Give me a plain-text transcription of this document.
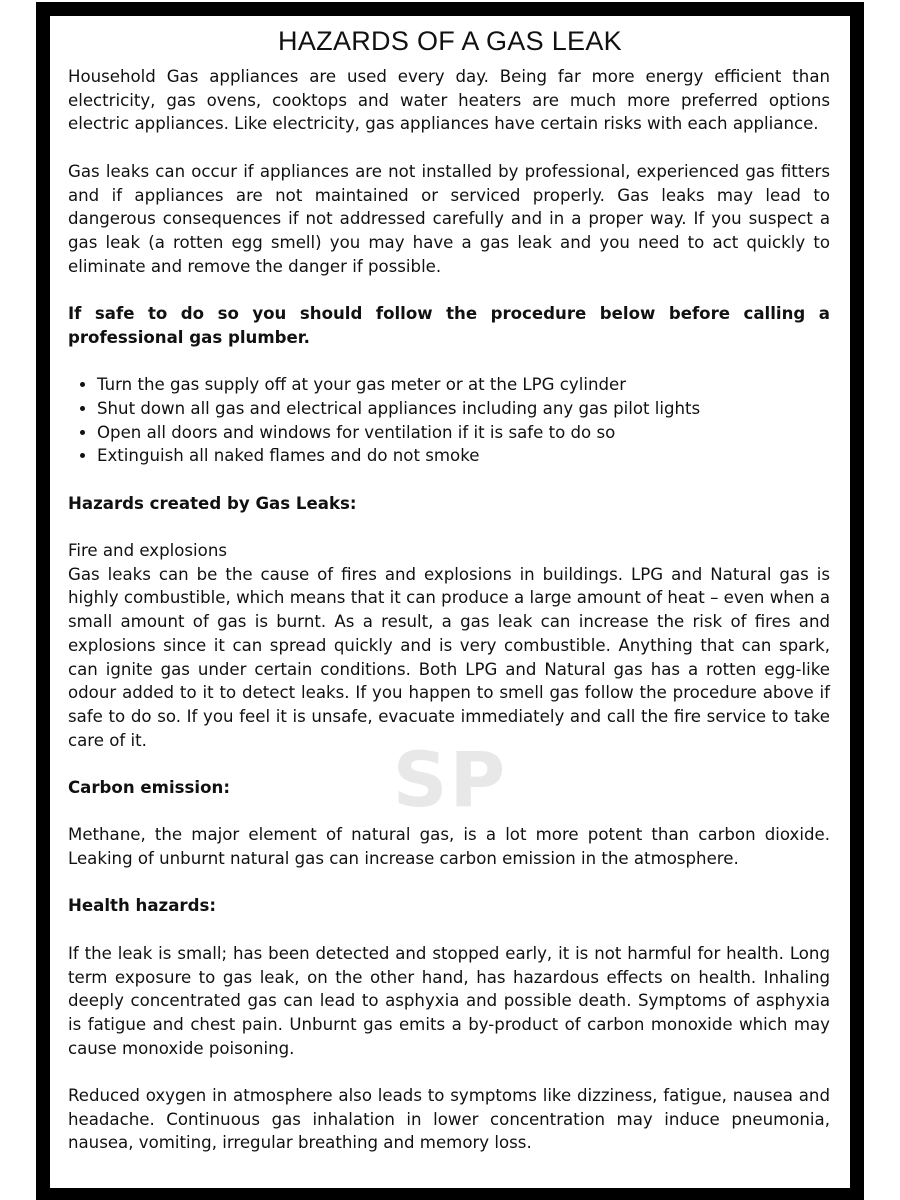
HAZARDS OF A GAS LEAK

Household Gas appliances are used every day. Being far more energy efficient than electricity, gas ovens, cooktops and water heaters are much more preferred options electric appliances. Like electricity, gas appliances have certain risks with each appliance.

Gas leaks can occur if appliances are not installed by professional, experienced gas fitters and if appliances are not maintained or serviced properly. Gas leaks may lead to dangerous consequences if not addressed carefully and in a proper way. If you suspect a gas leak (a rotten egg smell) you may have a gas leak and you need to act quickly to eliminate and remove the danger if possible.

If safe to do so you should follow the procedure below before calling a professional gas plumber.

• Turn the gas supply off at your gas meter or at the LPG cylinder
• Shut down all gas and electrical appliances including any gas pilot lights
• Open all doors and windows for ventilation if it is safe to do so
• Extinguish all naked flames and do not smoke

Hazards created by Gas Leaks:

Fire and explosions

Gas leaks can be the cause of fires and explosions in buildings. LPG and Natural gas is highly combustible, which means that it can produce a large amount of heat – even when a small amount of gas is burnt. As a result, a gas leak can increase the risk of fires and explosions since it can spread quickly and is very combustible. Anything that can spark, can ignite gas under certain conditions. Both LPG and Natural gas has a rotten egg-like odour added to it to detect leaks. If you happen to smell gas follow the procedure above if safe to do so. If you feel it is unsafe, evacuate immediately and call the fire service to take care of it.

Carbon emission:

Methane, the major element of natural gas, is a lot more potent than carbon dioxide. Leaking of unburnt natural gas can increase carbon emission in the atmosphere.

Health hazards:

If the leak is small; has been detected and stopped early, it is not harmful for health. Long term exposure to gas leak, on the other hand, has hazardous effects on health. Inhaling deeply concentrated gas can lead to asphyxia and possible death. Symptoms of asphyxia is fatigue and chest pain. Unburnt gas emits a by-product of carbon monoxide which may cause monoxide poisoning.

Reduced oxygen in atmosphere also leads to symptoms like dizziness, fatigue, nausea and headache. Continuous gas inhalation in lower concentration may induce pneumonia, nausea, vomiting, irregular breathing and memory loss.

SP
